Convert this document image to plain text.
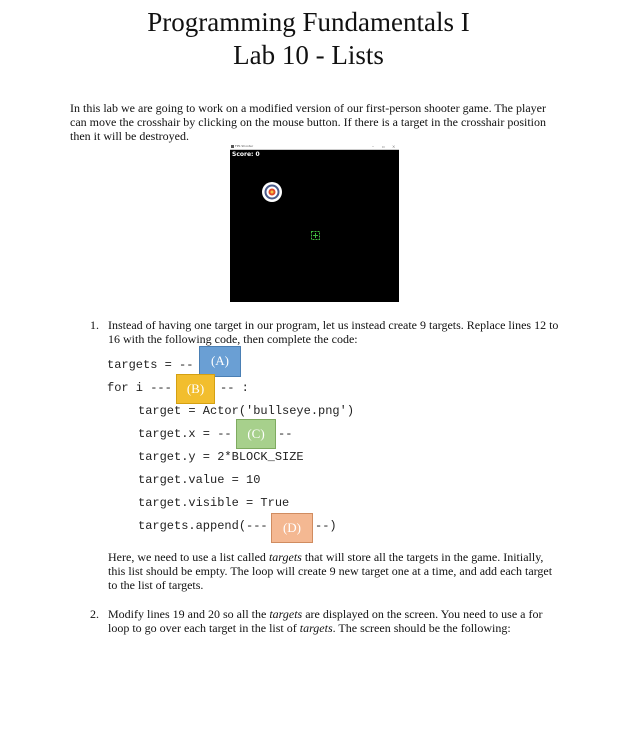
Programming Fundamentals I
Lab 10 - Lists

In this lab we are going to work on a modified version of our first-person shooter game. The player can move the crosshair by clicking on the mouse button. If there is a target in the crosshair position then it will be destroyed.

FPS Shooter	– ▫ ×
Score: 0

1. Instead of having one target in our program, let us instead create 9 targets. Replace lines 12 to 16 with the following code, then complete the code:

targets = --	(A)
for i ---	(B)	-- :
target = Actor('bullseye.png')
target.x = --	(C)	--
target.y = 2*BLOCK_SIZE
target.value = 10
target.visible = True
targets.append(---	(D)	--)

Here, we need to use a list called targets that will store all the targets in the game. Initially, this list should be empty. The loop will create 9 new target one at a time, and add each target to the list of targets.

2. Modify lines 19 and 20 so all the targets are displayed on the screen. You need to use a for loop to go over each target in the list of targets. The screen should be the following:
